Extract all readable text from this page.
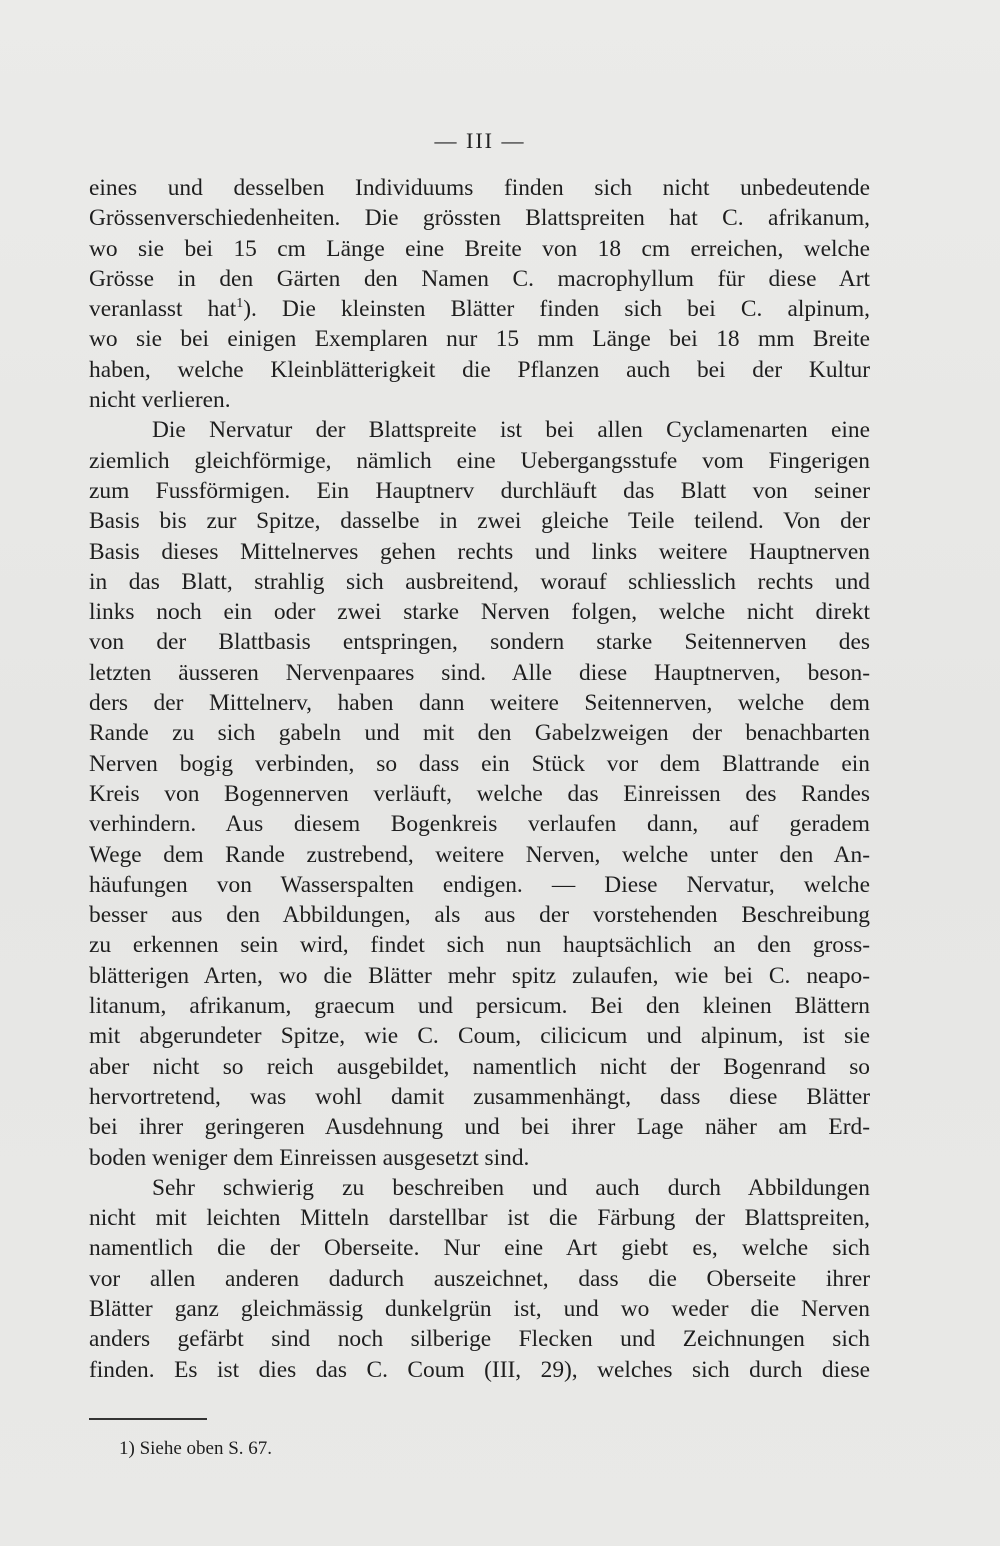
— III —
eines und desselben Individuums finden sich nicht unbedeutende
Grössenverschiedenheiten. Die grössten Blattspreiten hat C. afrikanum,
wo sie bei 15 cm Länge eine Breite von 18 cm erreichen, welche
Grösse in den Gärten den Namen C. macrophyllum für diese Art
veranlasst hat$^1$). Die kleinsten Blätter finden sich bei C. alpinum,
wo sie bei einigen Exemplaren nur 15 mm Länge bei 18 mm Breite
haben, welche Kleinblätterigkeit die Pflanzen auch bei der Kultur
nicht verlieren.
Die Nervatur der Blattspreite ist bei allen Cyclamenarten eine
ziemlich gleichförmige, nämlich eine Uebergangsstufe vom Fingerigen
zum Fussförmigen. Ein Hauptnerv durchläuft das Blatt von seiner
Basis bis zur Spitze, dasselbe in zwei gleiche Teile teilend. Von der
Basis dieses Mittelnerves gehen rechts und links weitere Hauptnerven
in das Blatt, strahlig sich ausbreitend, worauf schliesslich rechts und
links noch ein oder zwei starke Nerven folgen, welche nicht direkt
von der Blattbasis entspringen, sondern starke Seitennerven des
letzten äusseren Nervenpaares sind. Alle diese Hauptnerven, beson-
ders der Mittelnerv, haben dann weitere Seitennerven, welche dem
Rande zu sich gabeln und mit den Gabelzweigen der benachbarten
Nerven bogig verbinden, so dass ein Stück vor dem Blattrande ein
Kreis von Bogennerven verläuft, welche das Einreissen des Randes
verhindern. Aus diesem Bogenkreis verlaufen dann, auf geradem
Wege dem Rande zustrebend, weitere Nerven, welche unter den An-
häufungen von Wasserspalten endigen. — Diese Nervatur, welche
besser aus den Abbildungen, als aus der vorstehenden Beschreibung
zu erkennen sein wird, findet sich nun hauptsächlich an den gross-
blätterigen Arten, wo die Blätter mehr spitz zulaufen, wie bei C. neapo-
litanum, afrikanum, graecum und persicum. Bei den kleinen Blättern
mit abgerundeter Spitze, wie C. Coum, cilicicum und alpinum, ist sie
aber nicht so reich ausgebildet, namentlich nicht der Bogenrand so
hervortretend, was wohl damit zusammenhängt, dass diese Blätter
bei ihrer geringeren Ausdehnung und bei ihrer Lage näher am Erd-
boden weniger dem Einreissen ausgesetzt sind.
Sehr schwierig zu beschreiben und auch durch Abbildungen
nicht mit leichten Mitteln darstellbar ist die Färbung der Blattspreiten,
namentlich die der Oberseite. Nur eine Art giebt es, welche sich
vor allen anderen dadurch auszeichnet, dass die Oberseite ihrer
Blätter ganz gleichmässig dunkelgrün ist, und wo weder die Nerven
anders gefärbt sind noch silberige Flecken und Zeichnungen sich
finden. Es ist dies das C. Coum (III, 29), welches sich durch diese
1) Siehe oben S. 67.
